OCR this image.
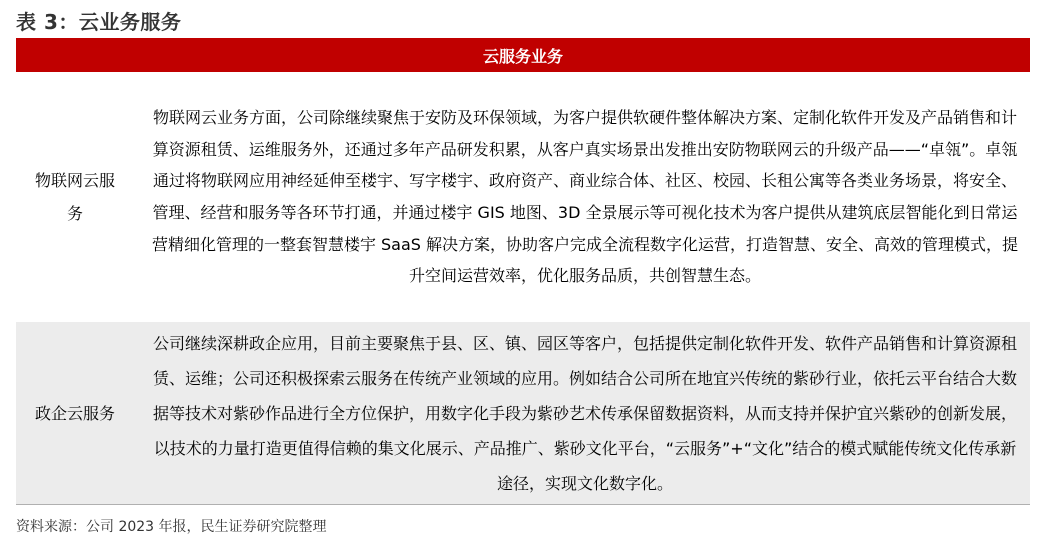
表 3：云业务服务
云服务业务
物联网云服务

物联网云业务方面，公司除继续聚焦于安防及环保领域，为客户提供软硬件整体解决方案、定制化软件开发及产品销售和计算资源租赁、运维服务外，还通过多年产品研发积累，从客户真实场景出发推出安防物联网云的升级产品——“卓瓴”。卓瓴通过将物联网应用神经延伸至楼宇、写字楼宇、政府资产、商业综合体、社区、校园、长租公寓等各类业务场景，将安全、管理、经营和服务等各环节打通，并通过楼宇 GIS 地图、3D 全景展示等可视化技术为客户提供从建筑底层智能化到日常运营精细化管理的一整套智慧楼宇 SaaS 解决方案，协助客户完成全流程数字化运营，打造智慧、安全、高效的管理模式，提升空间运营效率，优化服务品质，共创智慧生态。

政企云服务

公司继续深耕政企应用，目前主要聚焦于县、区、镇、园区等客户，包括提供定制化软件开发、软件产品销售和计算资源租赁、运维；公司还积极探索云服务在传统产业领域的应用。例如结合公司所在地宜兴传统的紫砂行业，依托云平台结合大数据等技术对紫砂作品进行全方位保护，用数字化手段为紫砂艺术传承保留数据资料，从而支持并保护宜兴紫砂的创新发展，以技术的力量打造更值得信赖的集文化展示、产品推广、紫砂文化平台，“云服务”+“文化”结合的模式赋能传统文化传承新途径，实现文化数字化。

资料来源：公司 2023 年报，民生证券研究院整理
